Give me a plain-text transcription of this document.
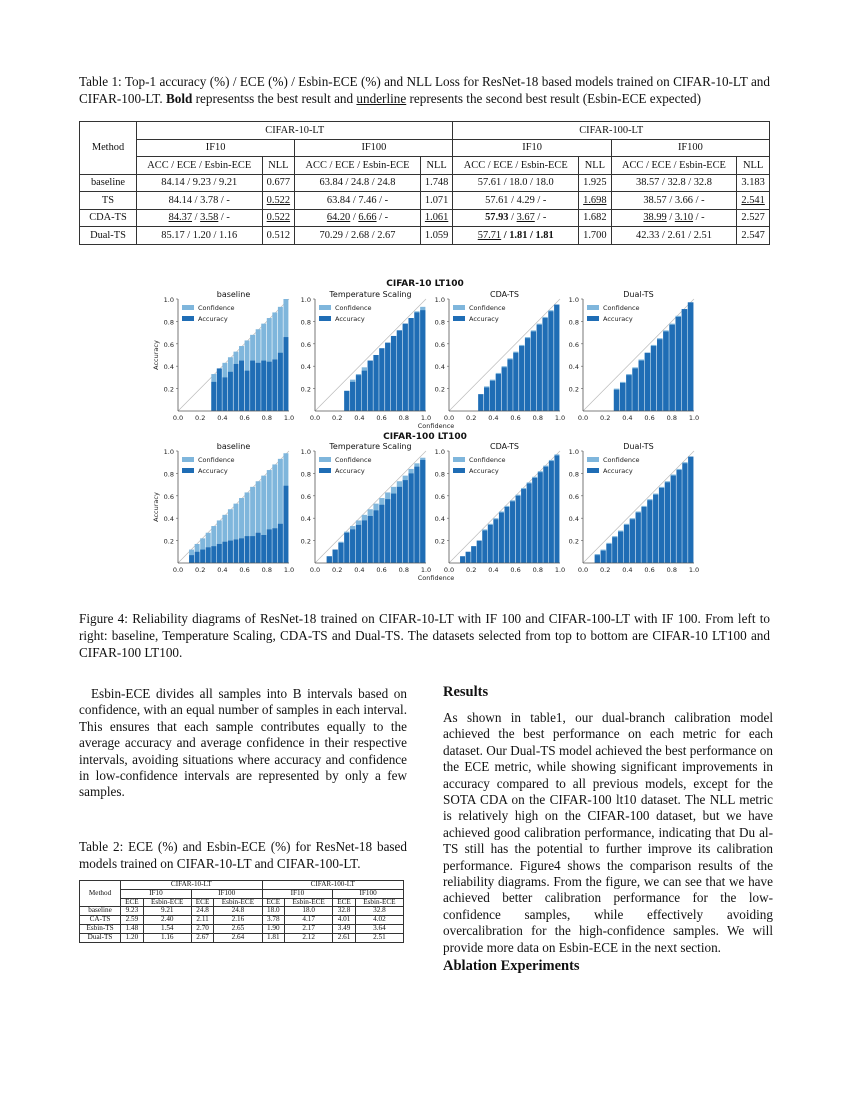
Table 1: Top-1 accuracy (%) / ECE (%) / Esbin-ECE (%) and NLL Loss for ResNet-18 based models trained on CIFAR-10-LT and CIFAR-100-LT. Bold representss the best result and underline represents the second best result (Esbin-ECE expected)
Method	CIFAR-10-LT				CIFAR-100-LT			
	IF10		IF100		IF10		IF100	
	ACC / ECE / Esbin-ECE	NLL	ACC / ECE / Esbin-ECE	NLL	ACC / ECE / Esbin-ECE	NLL	ACC / ECE / Esbin-ECE	NLL
baseline	84.14 / 9.23 / 9.21	0.677	63.84 / 24.8 / 24.8	1.748	57.61 / 18.0 / 18.0	1.925	38.57 / 32.8 / 32.8	3.183
TS	84.14 / 3.78 / -	0.522	63.84 / 7.46 / -	1.071	57.61 / 4.29 / -	1.698	38.57 / 3.66 / -	2.541
CDA-TS	84.37 / 3.58 / -	0.522	64.20 / 6.66 / -	1.061	57.93 / 3.67 / -	1.682	38.99 / 3.10 / -	2.527
Dual-TS	85.17 / 1.20 / 1.16	0.512	70.29 / 2.68 / 2.67	1.059	57.71 / 1.81 / 1.81	1.700	42.33 / 2.61 / 2.51	2.547
CIFAR-10 LT100
CIFAR-100 LT100
baseline
0.2
0.4
0.6
0.8
1.0
0.0 0.2 0.4 0.6 0.8 1.0
Confidence
Accuracy
Accuracy
Temperature Scaling
0.2
0.4
0.6
0.8
1.0
0.0 0.2 0.4 0.6 0.8 1.0
Confidence
Accuracy
Confidence
CDA-TS
0.2
0.4
0.6
0.8
1.0
0.0 0.2 0.4 0.6 0.8 1.0
Confidence
Accuracy
Dual-TS
0.2
0.4
0.6
0.8
1.0
0.0 0.2 0.4 0.6 0.8 1.0
Confidence
Accuracy
baseline
0.2
0.4
0.6
0.8
1.0
0.0 0.2 0.4 0.6 0.8 1.0
Confidence
Accuracy
Accuracy
Temperature Scaling
0.2
0.4
0.6
0.8
1.0
0.0 0.2 0.4 0.6 0.8 1.0
Confidence
Accuracy
Confidence
CDA-TS
0.2
0.4
0.6
0.8
1.0
0.0 0.2 0.4 0.6 0.8 1.0
Confidence
Accuracy
Dual-TS
0.2
0.4
0.6
0.8
1.0
0.0 0.2 0.4 0.6 0.8 1.0
Confidence
Accuracy
Figure 4: Reliability diagrams of ResNet-18 trained on CIFAR-10-LT with IF 100 and CIFAR-100-LT with IF 100. From left to right: baseline, Temperature Scaling, CDA-TS and Dual-TS. The datasets selected from top to bottom are CIFAR-10 LT100 and CIFAR-100 LT100.
Esbin-ECE divides all samples into B intervals based on confidence, with an equal number of samples in each interval. This ensures that each sample contributes equally to the average accuracy and average confidence in their respective intervals, avoiding situations where accuracy and confidence in low-confidence intervals are represented by only a few samples.
Table 2: ECE (%) and Esbin-ECE (%) for ResNet-18 based models trained on CIFAR-10-LT and CIFAR-100-LT.
Method	CIFAR-10-LT				CIFAR-100-LT			
	IF10		IF100		IF10		IF100	
	ECE	Esbin-ECE	ECE	Esbin-ECE	ECE	Esbin-ECE	ECE	Esbin-ECE
baseline	9.23	9.21	24.8	24.8	18.0	18.0	32.8	32.8
CA-TS	2.59	2.40	2.11	2.16	3.78	4.17	4.01	4.02
Esbin-TS	1.48	1.54	2.70	2.65	1.90	2.17	3.49	3.64
Dual-TS	1.20	1.16	2.67	2.64	1.81	2.12	2.61	2.51
Results
As shown in table1, our dual-branch calibration model achieved the best performance on each metric for each dataset. Our Dual-TS model achieved the best performance on the ECE metric, while showing significant improvements in accuracy compared to all previous models, except for the SOTA CDA on the CIFAR-100 lt10 dataset. The NLL metric is relatively high on the CIFAR-100 dataset, but we have achieved good calibration performance, indicating that Du al-TS still has the potential to further improve its calibration performance. Figure4 shows the comparison results of the reliability diagrams. From the figure, we can see that we have achieved better calibration performance for the low-confidence samples, while effectively avoiding overcalibration for the high-confidence samples. We will provide more data on Esbin-ECE in the next section.
Ablation Experiments
